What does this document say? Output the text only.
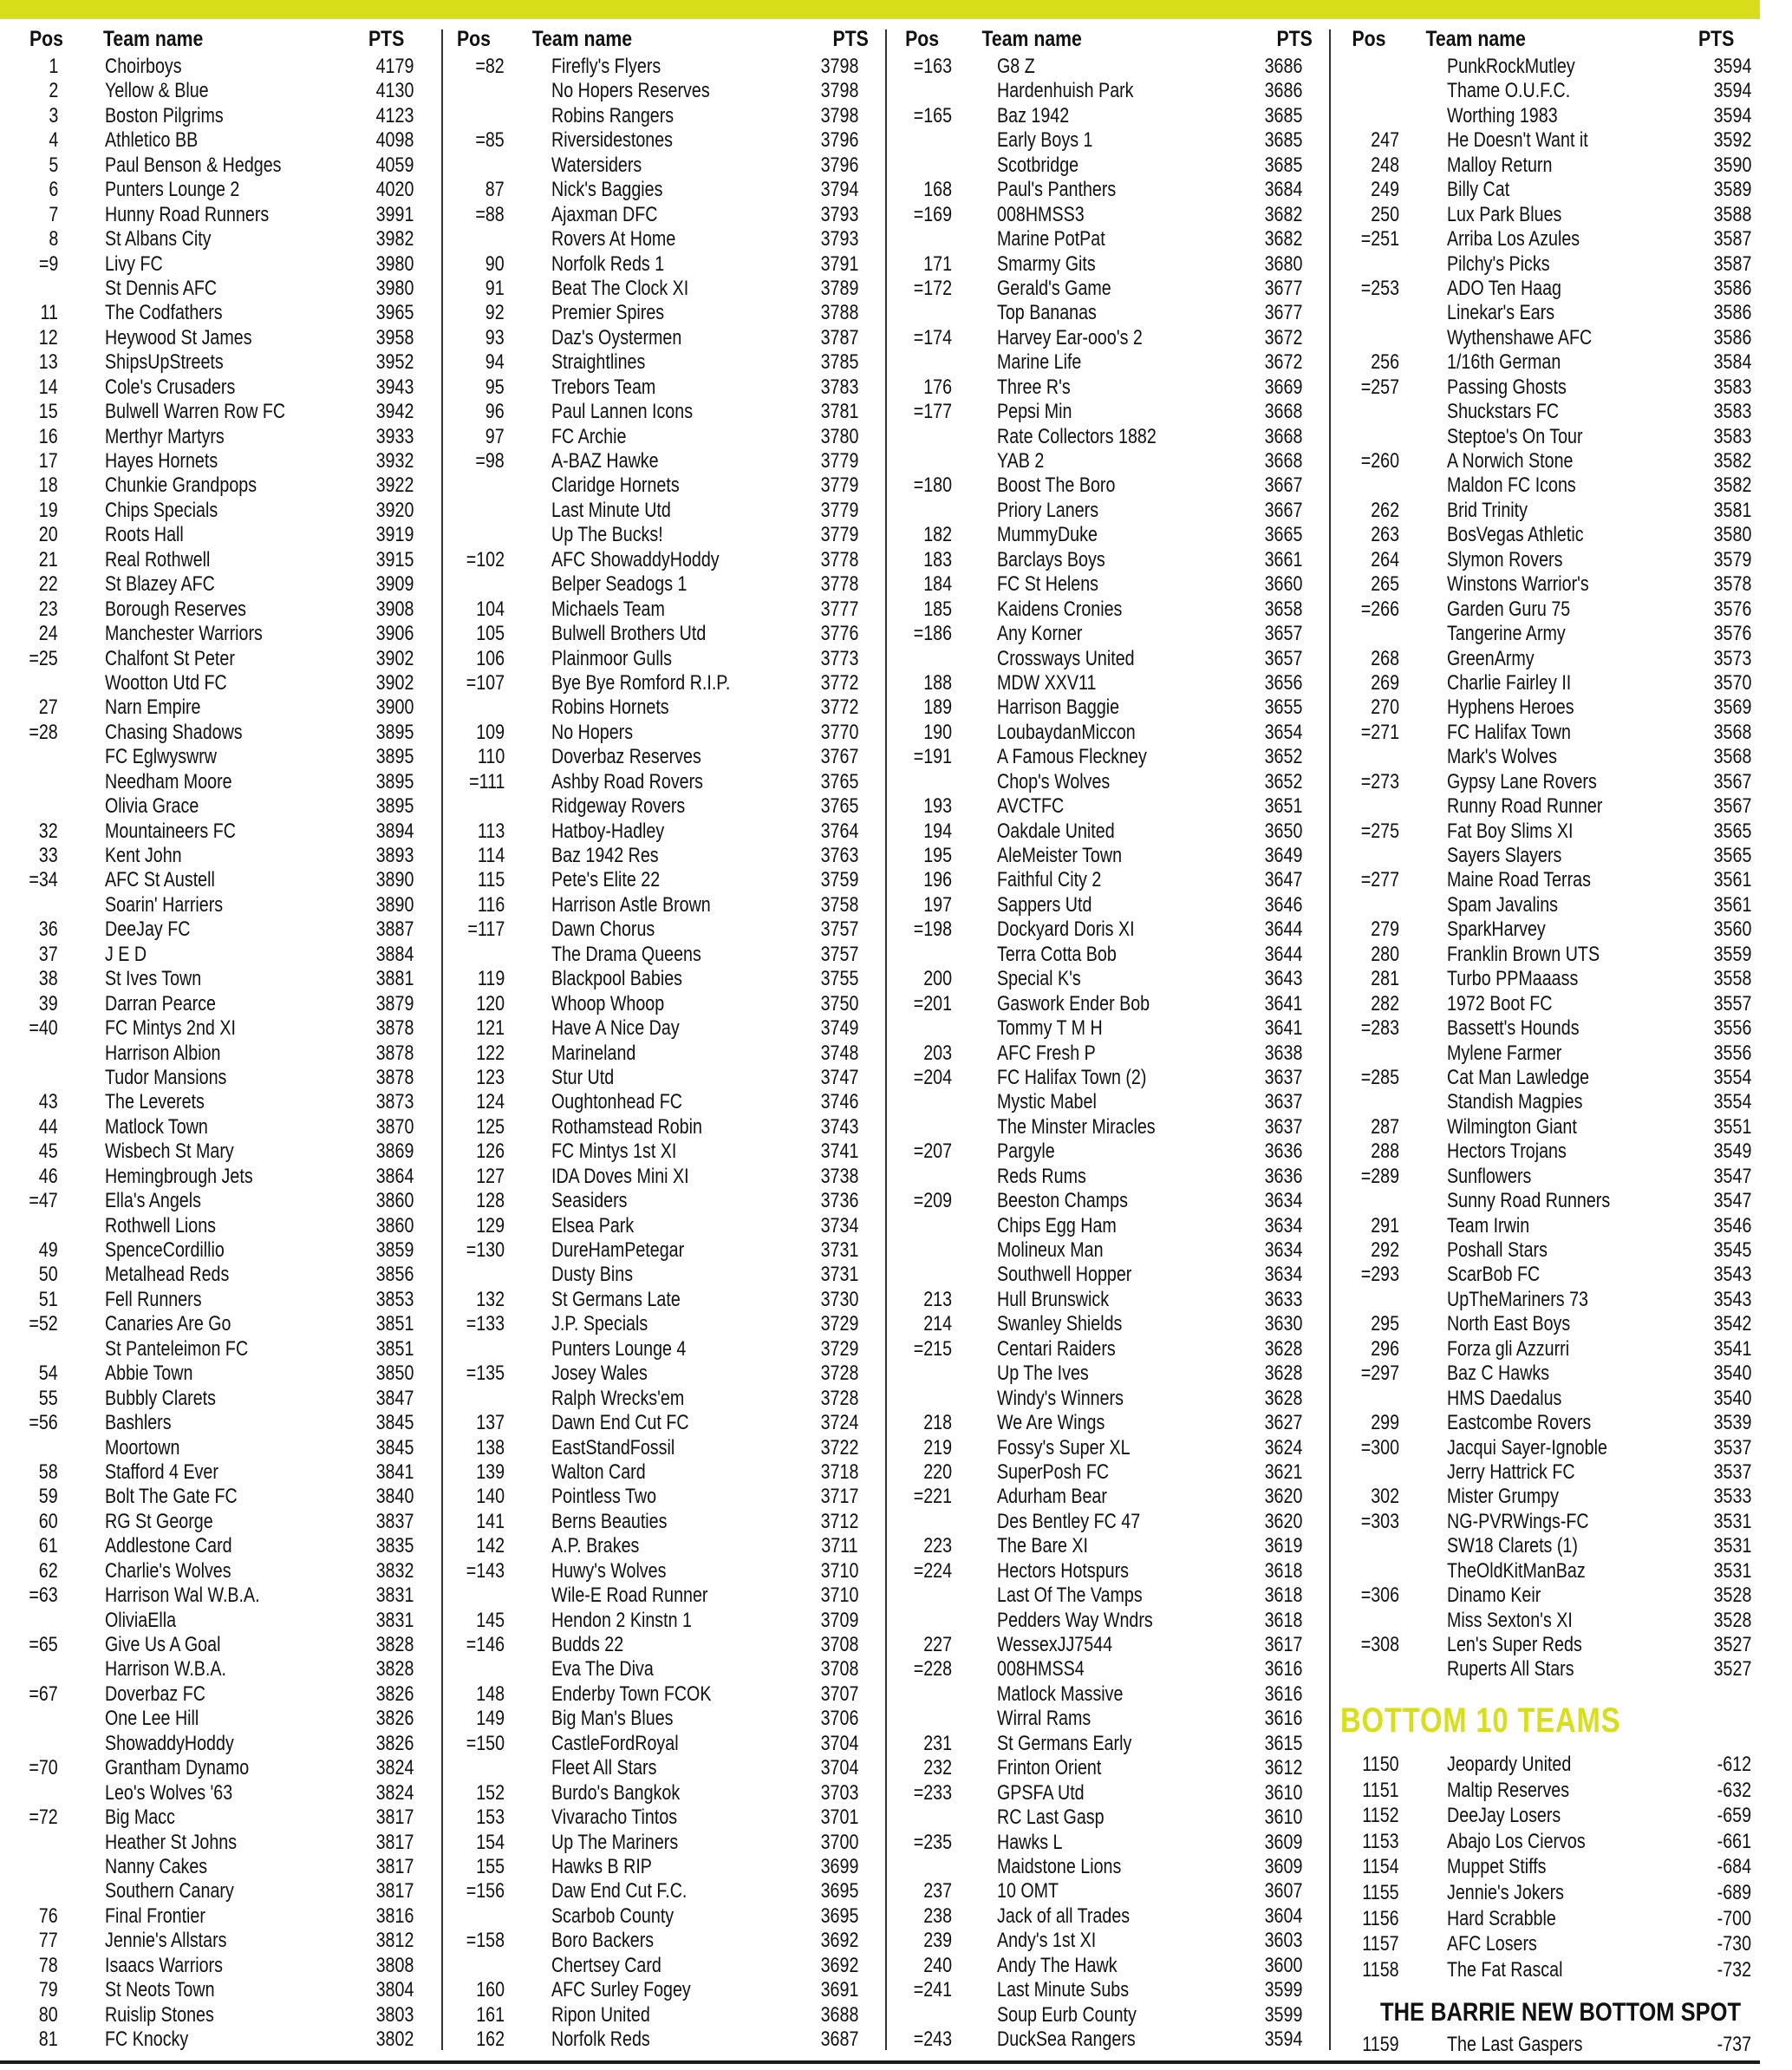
Pos Team name	PTS
1 Choirboys	4179
2 Yellow & Blue	4130
3 Boston Pilgrims	4123
4 Athletico BB	4098
5 Paul Benson & Hedges	4059
6 Punters Lounge 2	4020
7 Hunny Road Runners	3991
8 St Albans City	3982
=9 Livy FC	3980
St Dennis AFC	3980
11 The Codfathers	3965
12 Heywood St James	3958
13 ShipsUpStreets	3952
14 Cole's Crusaders	3943
15 Bulwell Warren Row FC	3942
16 Merthyr Martyrs	3933
17 Hayes Hornets	3932
18 Chunkie Grandpops	3922
19 Chips Specials	3920
20 Roots Hall	3919
21 Real Rothwell	3915
22 St Blazey AFC	3909
23 Borough Reserves	3908
24 Manchester Warriors	3906
=25 Chalfont St Peter	3902
Wootton Utd FC	3902
27 Narn Empire	3900
=28 Chasing Shadows	3895
FC Eglwyswrw	3895
Needham Moore	3895
Olivia Grace	3895
32 Mountaineers FC	3894
33 Kent John	3893
=34 AFC St Austell	3890
Soarin' Harriers	3890
36 DeeJay FC	3887
37 J E D	3884
38 St Ives Town	3881
39 Darran Pearce	3879
=40 FC Mintys 2nd XI	3878
Harrison Albion	3878
Tudor Mansions	3878
43 The Leverets	3873
44 Matlock Town	3870
45 Wisbech St Mary	3869
46 Hemingbrough Jets	3864
=47 Ella's Angels	3860
Rothwell Lions	3860
49 SpenceCordillio	3859
50 Metalhead Reds	3856
51 Fell Runners	3853
=52 Canaries Are Go	3851
St Panteleimon FC	3851
54 Abbie Town	3850
55 Bubbly Clarets	3847
=56 Bashlers	3845
Moortown	3845
58 Stafford 4 Ever	3841
59 Bolt The Gate FC	3840
60 RG St George	3837
61 Addlestone Card	3835
62 Charlie's Wolves	3832
=63 Harrison Wal W.B.A.	3831
OliviaElla	3831
=65 Give Us A Goal	3828
Harrison W.B.A.	3828
=67 Doverbaz FC	3826
One Lee Hill	3826
ShowaddyHoddy	3826
=70 Grantham Dynamo	3824
Leo's Wolves '63	3824
=72 Big Macc	3817
Heather St Johns	3817
Nanny Cakes	3817
Southern Canary	3817
76 Final Frontier	3816
77 Jennie's Allstars	3812
78 Isaacs Warriors	3808
79 St Neots Town	3804
80 Ruislip Stones	3803
81 FC Knocky	3802
Pos Team name	PTS
=82 Firefly's Flyers	3798
No Hopers Reserves	3798
Robins Rangers	3798
=85 Riversidestones	3796
Watersiders	3796
87 Nick's Baggies	3794
=88 Ajaxman DFC	3793
Rovers At Home	3793
90 Norfolk Reds 1	3791
91 Beat The Clock XI	3789
92 Premier Spires	3788
93 Daz's Oystermen	3787
94 Straightlines	3785
95 Trebors Team	3783
96 Paul Lannen Icons	3781
97 FC Archie	3780
=98 A-BAZ Hawke	3779
Claridge Hornets	3779
Last Minute Utd	3779
Up The Bucks!	3779
=102 AFC ShowaddyHoddy	3778
Belper Seadogs 1	3778
104 Michaels Team	3777
105 Bulwell Brothers Utd	3776
106 Plainmoor Gulls	3773
=107 Bye Bye Romford R.I.P.	3772
Robins Hornets	3772
109 No Hopers	3770
110 Doverbaz Reserves	3767
=111 Ashby Road Rovers	3765
Ridgeway Rovers	3765
113 Hatboy-Hadley	3764
114 Baz 1942 Res	3763
115 Pete's Elite 22	3759
116 Harrison Astle Brown	3758
=117 Dawn Chorus	3757
The Drama Queens	3757
119 Blackpool Babies	3755
120 Whoop Whoop	3750
121 Have A Nice Day	3749
122 Marineland	3748
123 Stur Utd	3747
124 Oughtonhead FC	3746
125 Rothamstead Robin	3743
126 FC Mintys 1st XI	3741
127 IDA Doves Mini XI	3738
128 Seasiders	3736
129 Elsea Park	3734
=130 DureHamPetegar	3731
Dusty Bins	3731
132 St Germans Late	3730
=133 J.P. Specials	3729
Punters Lounge 4	3729
=135 Josey Wales	3728
Ralph Wrecks'em	3728
137 Dawn End Cut FC	3724
138 EastStandFossil	3722
139 Walton Card	3718
140 Pointless Two	3717
141 Berns Beauties	3712
142 A.P. Brakes	3711
=143 Huwy's Wolves	3710
Wile-E Road Runner	3710
145 Hendon 2 Kinstn 1	3709
=146 Budds 22	3708
Eva The Diva	3708
148 Enderby Town FCOK	3707
149 Big Man's Blues	3706
=150 CastleFordRoyal	3704
Fleet All Stars	3704
152 Burdo's Bangkok	3703
153 Vivaracho Tintos	3701
154 Up The Mariners	3700
155 Hawks B RIP	3699
=156 Daw End Cut F.C.	3695
Scarbob County	3695
=158 Boro Backers	3692
Chertsey Card	3692
160 AFC Surley Fogey	3691
161 Ripon United	3688
162 Norfolk Reds	3687
Pos Team name	PTS
=163 G8 Z	3686
Hardenhuish Park	3686
=165 Baz 1942	3685
Early Boys 1	3685
Scotbridge	3685
168 Paul's Panthers	3684
=169 008HMSS3	3682
Marine PotPat	3682
171 Smarmy Gits	3680
=172 Gerald's Game	3677
Top Bananas	3677
=174 Harvey Ear-ooo's 2	3672
Marine Life	3672
176 Three R's	3669
=177 Pepsi Min	3668
Rate Collectors 1882	3668
YAB 2	3668
=180 Boost The Boro	3667
Priory Laners	3667
182 MummyDuke	3665
183 Barclays Boys	3661
184 FC St Helens	3660
185 Kaidens Cronies	3658
=186 Any Korner	3657
Crossways United	3657
188 MDW XXV11	3656
189 Harrison Baggie	3655
190 LoubaydanMiccon	3654
=191 A Famous Fleckney	3652
Chop's Wolves	3652
193 AVCTFC	3651
194 Oakdale United	3650
195 AleMeister Town	3649
196 Faithful City 2	3647
197 Sappers Utd	3646
=198 Dockyard Doris XI	3644
Terra Cotta Bob	3644
200 Special K's	3643
=201 Gaswork Ender Bob	3641
Tommy T M H	3641
203 AFC Fresh P	3638
=204 FC Halifax Town (2)	3637
Mystic Mabel	3637
The Minster Miracles	3637
=207 Pargyle	3636
Reds Rums	3636
=209 Beeston Champs	3634
Chips Egg Ham	3634
Molineux Man	3634
Southwell Hopper	3634
213 Hull Brunswick	3633
214 Swanley Shields	3630
=215 Centari Raiders	3628
Up The Ives	3628
Windy's Winners	3628
218 We Are Wings	3627
219 Fossy's Super XL	3624
220 SuperPosh FC	3621
=221 Adurham Bear	3620
Des Bentley FC 47	3620
223 The Bare XI	3619
=224 Hectors Hotspurs	3618
Last Of The Vamps	3618
Pedders Way Wndrs	3618
227 WessexJJ7544	3617
=228 008HMSS4	3616
Matlock Massive	3616
Wirral Rams	3616
231 St Germans Early	3615
232 Frinton Orient	3612
=233 GPSFA Utd	3610
RC Last Gasp	3610
=235 Hawks L	3609
Maidstone Lions	3609
237 10 OMT	3607
238 Jack of all Trades	3604
239 Andy's 1st XI	3603
240 Andy The Hawk	3600
=241 Last Minute Subs	3599
Soup Eurb County	3599
=243 DuckSea Rangers	3594
Pos Team name	PTS
PunkRockMutley	3594
Thame O.U.F.C.	3594
Worthing 1983	3594
247 He Doesn't Want it	3592
248 Malloy Return	3590
249 Billy Cat	3589
250 Lux Park Blues	3588
=251 Arriba Los Azules	3587
Pilchy's Picks	3587
=253 ADO Ten Haag	3586
Linekar's Ears	3586
Wythenshawe AFC	3586
256 1/16th German	3584
=257 Passing Ghosts	3583
Shuckstars FC	3583
Steptoe's On Tour	3583
=260 A Norwich Stone	3582
Maldon FC Icons	3582
262 Brid Trinity	3581
263 BosVegas Athletic	3580
264 Slymon Rovers	3579
265 Winstons Warrior's	3578
=266 Garden Guru 75	3576
Tangerine Army	3576
268 GreenArmy	3573
269 Charlie Fairley II	3570
270 Hyphens Heroes	3569
=271 FC Halifax Town	3568
Mark's Wolves	3568
=273 Gypsy Lane Rovers	3567
Runny Road Runner	3567
=275 Fat Boy Slims XI	3565
Sayers Slayers	3565
=277 Maine Road Terras	3561
Spam Javalins	3561
279 SparkHarvey	3560
280 Franklin Brown UTS	3559
281 Turbo PPMaaass	3558
282 1972 Boot FC	3557
=283 Bassett's Hounds	3556
Mylene Farmer	3556
=285 Cat Man Lawledge	3554
Standish Magpies	3554
287 Wilmington Giant	3551
288 Hectors Trojans	3549
=289 Sunflowers	3547
Sunny Road Runners	3547
291 Team Irwin	3546
292 Poshall Stars	3545
=293 ScarBob FC	3543
UpTheMariners 73	3543
295 North East Boys	3542
296 Forza gli Azzurri	3541
=297 Baz C Hawks	3540
HMS Daedalus	3540
299 Eastcombe Rovers	3539
=300 Jacqui Sayer-Ignoble	3537
Jerry Hattrick FC	3537
302 Mister Grumpy	3533
=303 NG-PVRWings-FC	3531
SW18 Clarets (1)	3531
TheOldKitManBaz	3531
=306 Dinamo Keir	3528
Miss Sexton's XI	3528
=308 Len's Super Reds	3527
Ruperts All Stars	3527
BOTTOM 10 TEAMS
1150 Jeopardy United	-612
1151 Maltip Reserves	-632
1152 DeeJay Losers	-659
1153 Abajo Los Ciervos	-661
1154 Muppet Stiffs	-684
1155 Jennie's Jokers	-689
1156 Hard Scrabble	-700
1157 AFC Losers	-730
1158 The Fat Rascal	-732
THE BARRIE NEW BOTTOM SPOT
1159 The Last Gaspers	-737
